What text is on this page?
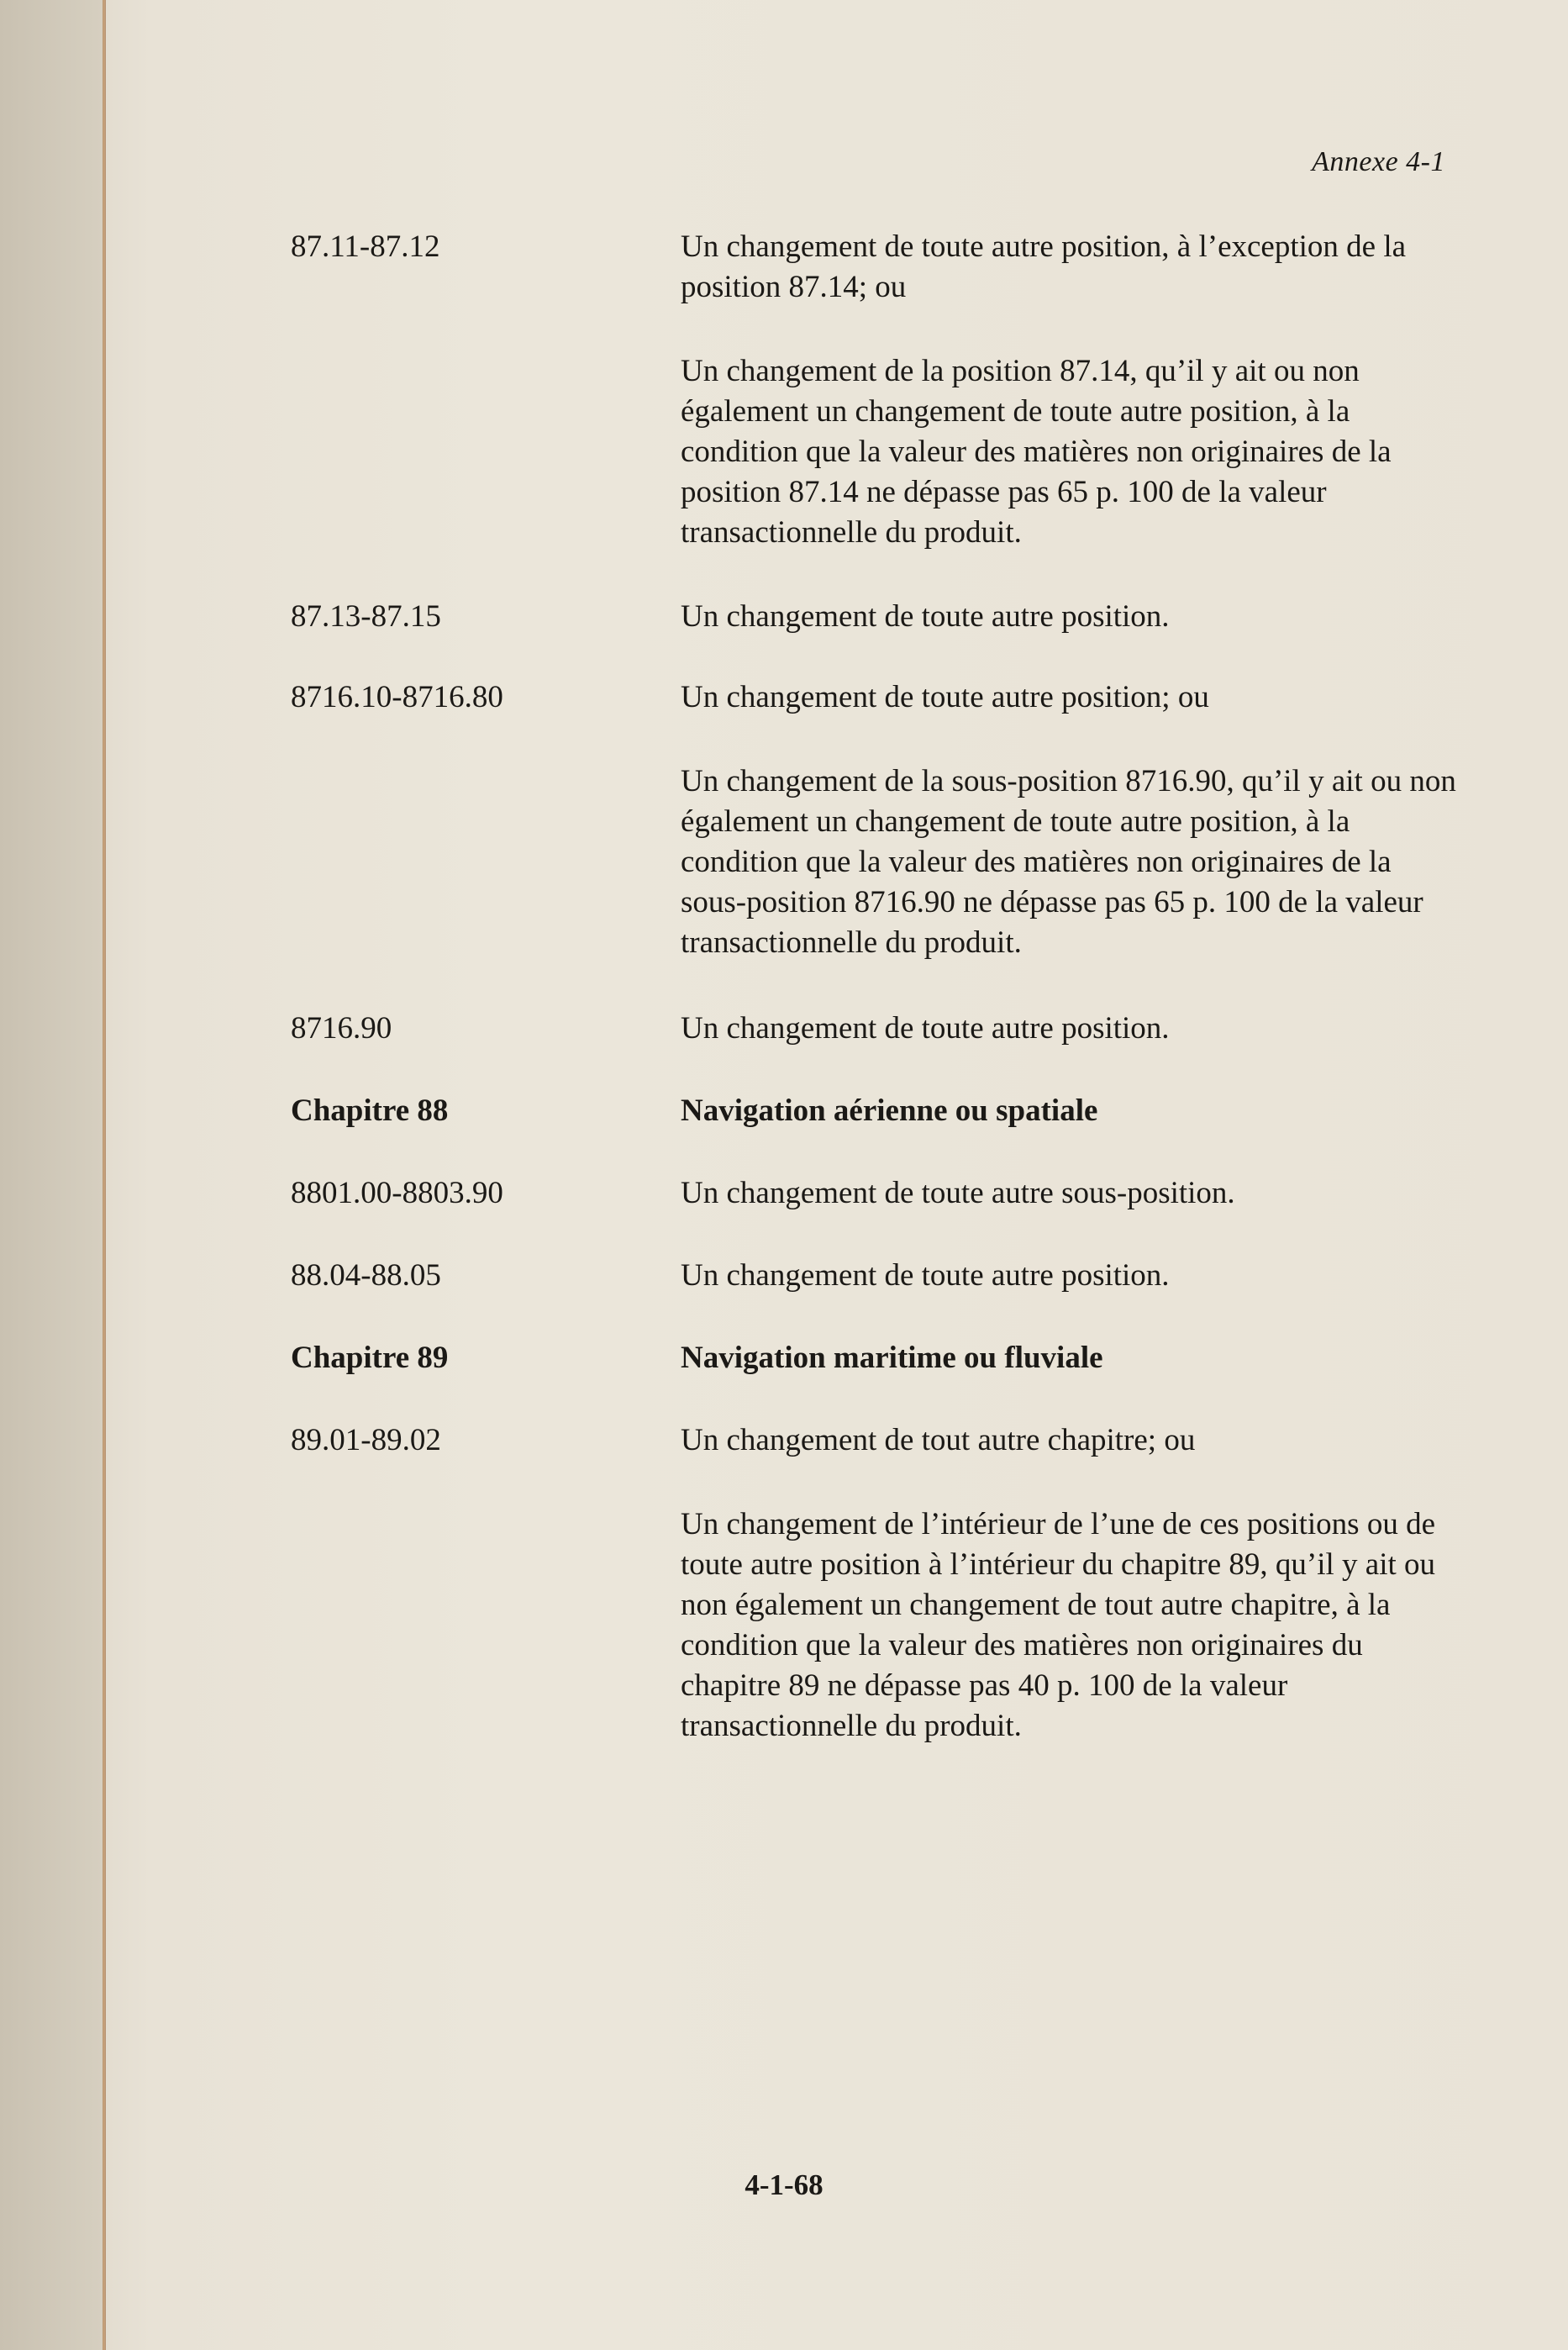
Annexe 4-1
87.11-87.12	Un changement de toute autre position, à l’exception de la position 87.14; ou
Un changement de la position 87.14, qu’il y ait ou non également un changement de toute autre position, à la condition que la valeur des matières non originaires de la position 87.14 ne dépasse pas 65 p. 100 de la valeur transactionnelle du produit.
87.13-87.15	Un changement de toute autre position.
8716.10-8716.80	Un changement de toute autre position; ou
Un changement de la sous-position 8716.90, qu’il y ait ou non également un changement de toute autre position, à la condition que la valeur des matières non originaires de la sous-position 8716.90 ne dépasse pas 65 p. 100 de la valeur transactionnelle du produit.
8716.90	Un changement de toute autre position.
Chapitre 88	Navigation aérienne ou spatiale
8801.00-8803.90	Un changement de toute autre sous-position.
88.04-88.05	Un changement de toute autre position.
Chapitre 89	Navigation maritime ou fluviale
89.01-89.02	Un changement de tout autre chapitre; ou
Un changement de l’intérieur de l’une de ces positions ou de toute autre position à l’intérieur du chapitre 89, qu’il y ait ou non également un changement de tout autre chapitre, à la condition que la valeur des matières non originaires du chapitre 89 ne dépasse pas 40 p. 100 de la valeur transactionnelle du produit.
4-1-68
